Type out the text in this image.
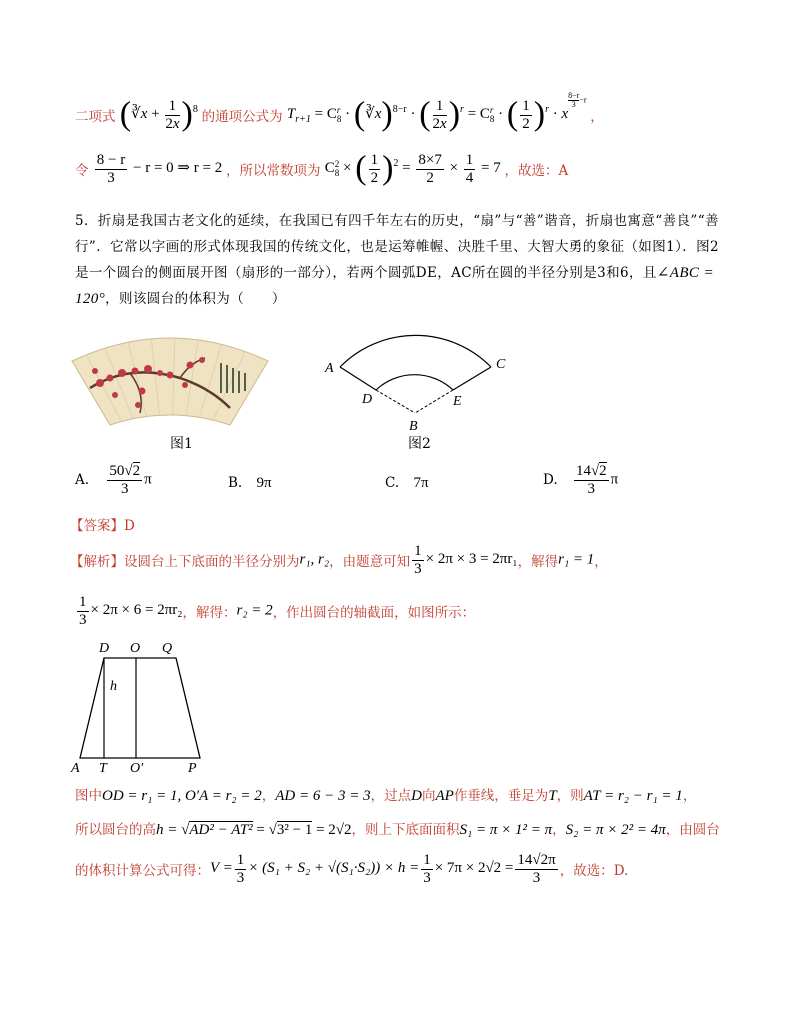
二项式 (∛x + $\frac{1}{2x} )^8$ 的通项公式为 $T_{r+1} = C$ r
8 · (∛x)$^{8-r}$ · ( $\frac{1}{2x} )^r = C$ r
8 · ( $\frac{1}{2} )^r \cdot x$
$\frac{8-r}{3} -r$ ，
令 $\frac{8 - r}{3} - r = 0$ ⇒ r = 2 ，所以常数项为 C 2
8 × ( $\frac{1}{2} )^2 = \frac{8\times 7}{2} \times \frac{1}{4} = 7$ ，故选：A
5．折扇是我国古老文化的延续，在我国已有四千年左右的历史，“扇”与“善”谐音，折扇也寓意“善良”“善行”．它常以字画的形式体现我国的传统文化，也是运筹帷幄、决胜千里、大智大勇的象征（如图1）．图2是一个圆台的侧面展开图（扇形的一部分），若两个圆弧DE，AC所在圆的半径分别是3和6，且∠ABC = 120°，则该圆台的体积为（　　）
图1
A	C
D	E
B
图2
A. $\frac{50√2}{3}$ π	B. 9π	C. 7π	D. $\frac{14√2}{3}$ π
【答案】D
【解析】设圆台上下底面的半径分别为r₁, r₂，由题意可知 $\frac{1}{3} \times 2\pi \times 3 = 2\pi r_1$，解得r₁ = 1，
$\frac{1}{3} \times 2\pi \times 6 = 2\pi r_2$，解得：r₂ = 2，作出圆台的轴截面，如图所示：
D O Q
h
A T O′	P
图中OD = r₁ = 1, O′A = r₂ = 2，AD = 6 − 3 = 3，过点D向AP作垂线，垂足为T，则AT = r₂ − r₁ = 1，
所以圆台的高h = √AD² − AT² = √3² − 1 = 2√2，则上下底面面积S₁ = π × 1² = π，S₂ = π × 2² = 4π，由圆台
的体积计算公式可得：$V = \frac{1}{3} \times (S_1 + S_2 + √(S_1\cdot S_2)) \times h = \frac{1}{3} \times 7\pi \times 2√2 = \frac{14√2\pi}{3}$ ，故选：D.
